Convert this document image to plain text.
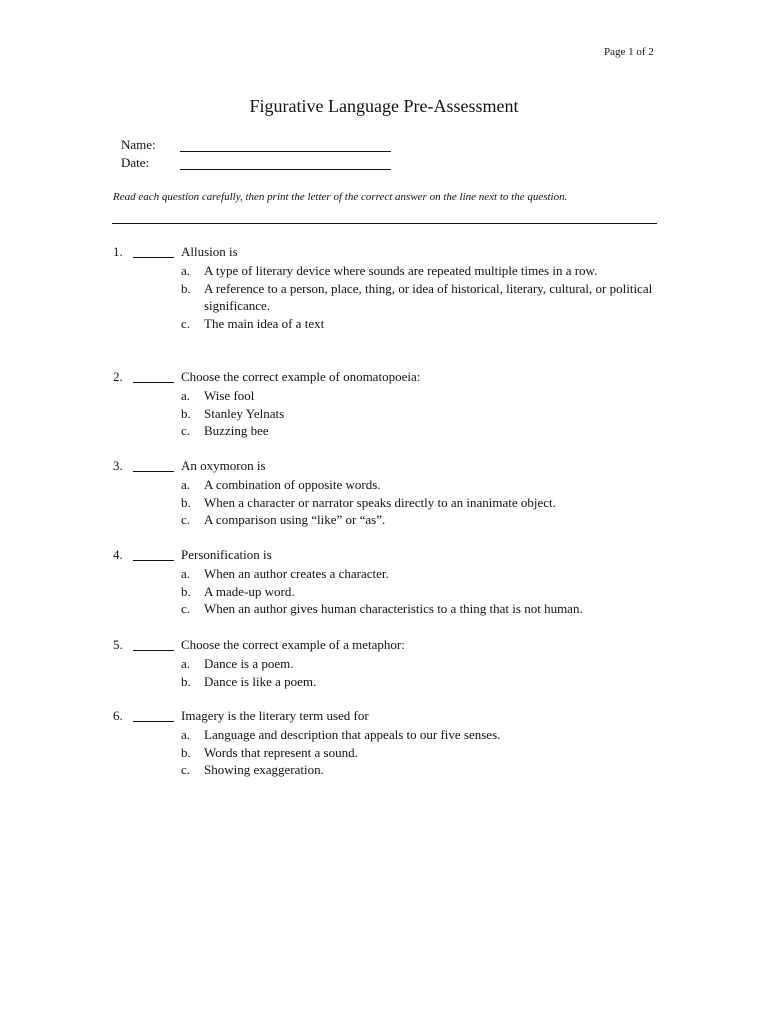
Page 1 of 2
Figurative Language Pre-Assessment
Name:
Date:
Read each question carefully, then print the letter of the correct answer on the line next to the question.
1.	Allusion is
a. A type of literary device where sounds are repeated multiple times in a row.
b. A reference to a person, place, thing, or idea of historical, literary, cultural, or political significance.
c. The main idea of a text
2.	Choose the correct example of onomatopoeia:
a. Wise fool
b. Stanley Yelnats
c. Buzzing bee
3.	An oxymoron is
a. A combination of opposite words.
b. When a character or narrator speaks directly to an inanimate object.
c. A comparison using “like” or “as”.
4.	Personification is
a. When an author creates a character.
b. A made-up word.
c. When an author gives human characteristics to a thing that is not human.
5.	Choose the correct example of a metaphor:
a. Dance is a poem.
b. Dance is like a poem.
6.	Imagery is the literary term used for
a. Language and description that appeals to our five senses.
b. Words that represent a sound.
c. Showing exaggeration.
